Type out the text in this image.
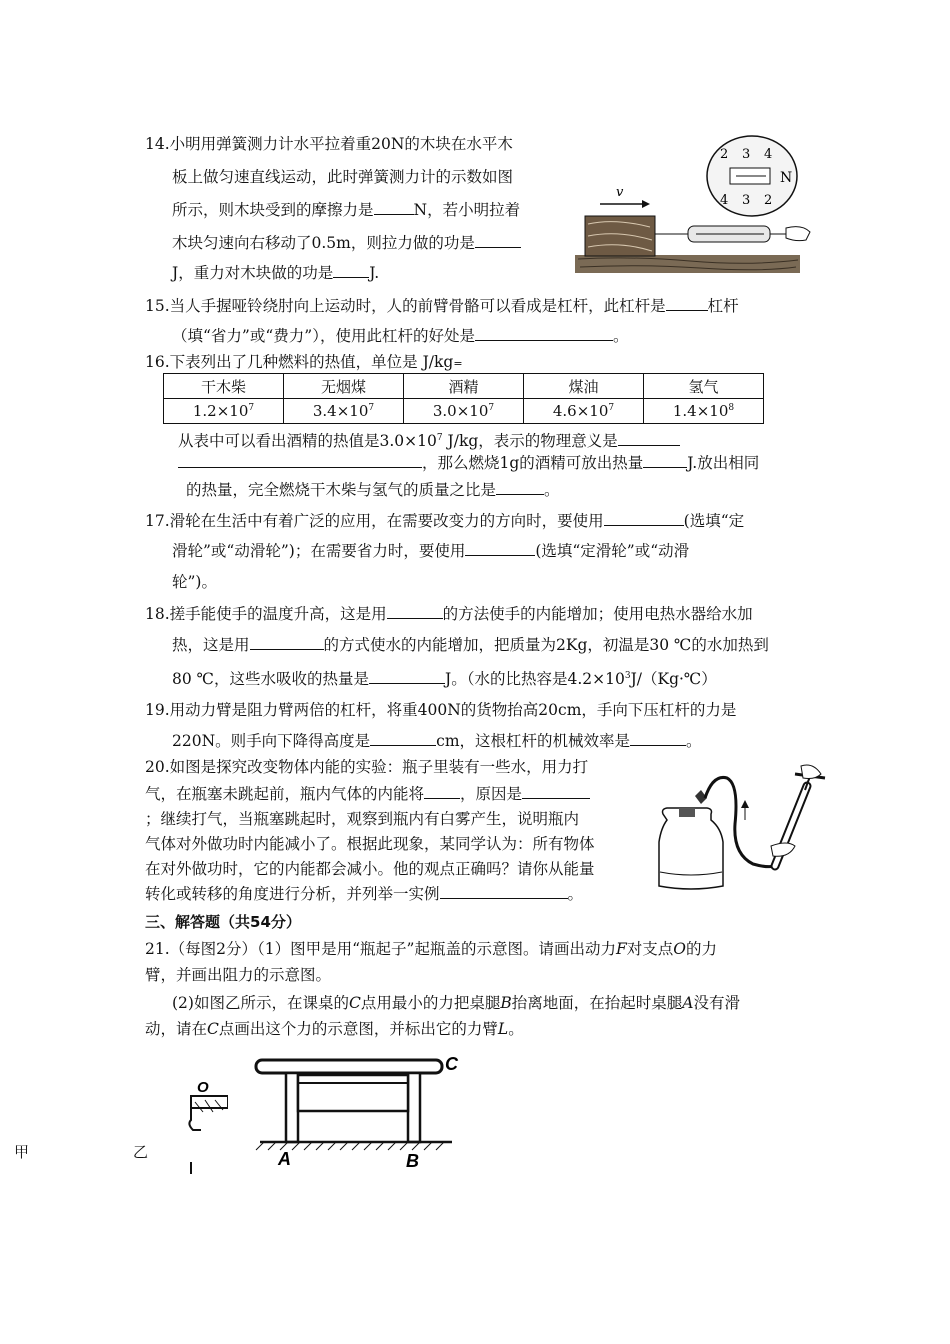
14.小明用弹簧测力计水平拉着重20N的木块在水平木
板上做匀速直线运动，此时弹簧测力计的示数如图
所示，则木块受到的摩擦力是	N，若小明拉着
木块匀速向右移动了0.5m，则拉力做的功是
J，重力对木块做的功是 J.
v
2 3 4
4 3 2
N
15.当人手握哑铃绕肘向上运动时，人的前臂骨骼可以看成是杠杆，此杠杆是	杠杆
（填“省力”或“费力”），使用此杠杆的好处是	。
16.下表列出了几种燃料的热值，单位是 J/kg=
干木柴	无烟煤	酒精	煤油	氢气
$1.2\times 10^7$	$3.4\times 10^7$	$3.0\times 10^7$	$4.6\times 10^7$	$1.4\times 10^8$
从表中可以看出酒精的热值是$3.0\times 10^7$ J/kg，表示的物理意义是
，那么燃烧1g的酒精可放出热量	J.放出相同
的热量，完全燃烧干木柴与氢气的质量之比是	。
17.滑轮在生活中有着广泛的应用，在需要改变力的方向时，要使用	(选填“定
滑轮”或“动滑轮”)；在需要省力时，要使用	(选填“定滑轮”或“动滑
轮”)。
18.搓手能使手的温度升高，这是用	的方法使手的内能增加；使用电热水器给水加
热，这是用	的方式使水的内能增加，把质量为2Kg，初温是30 ℃的水加热到
80 ℃，这些水吸收的热量是	J。（水的比热容是$4.2\times 10^3J/(Kg\cdot℃)$
19.用动力臂是阻力臂两倍的杠杆，将重400N的货物抬高20cm，手向下压杠杆的力是
220N。则手向下降得高度是	cm，这根杠杆的机械效率是	。
20.如图是探究改变物体内能的实验：瓶子里装有一些水，用力打
气，在瓶塞未跳起前，瓶内气体的内能将 ，原因是
；继续打气，当瓶塞跳起时，观察到瓶内有白雾产生，说明瓶内
气体对外做功时内能减小了。根据此现象，某同学认为：所有物体
在对外做功时，它的内能都会减小。他的观点正确吗？请你从能量
转化或转移的角度进行分析，并列举一实例	。
三、解答题（共54分）
21.（每图2分）（1）图甲是用“瓶起子”起瓶盖的示意图。请画出动力F对支点O的力
臂，并画出阻力的示意图。
(2)如图乙所示，在课桌的C点用最小的力把桌腿B抬离地面，在抬起时桌腿A没有滑
动，请在C点画出这个力的示意图，并标出它的力臂L。
O
甲	乙
C
A	B
